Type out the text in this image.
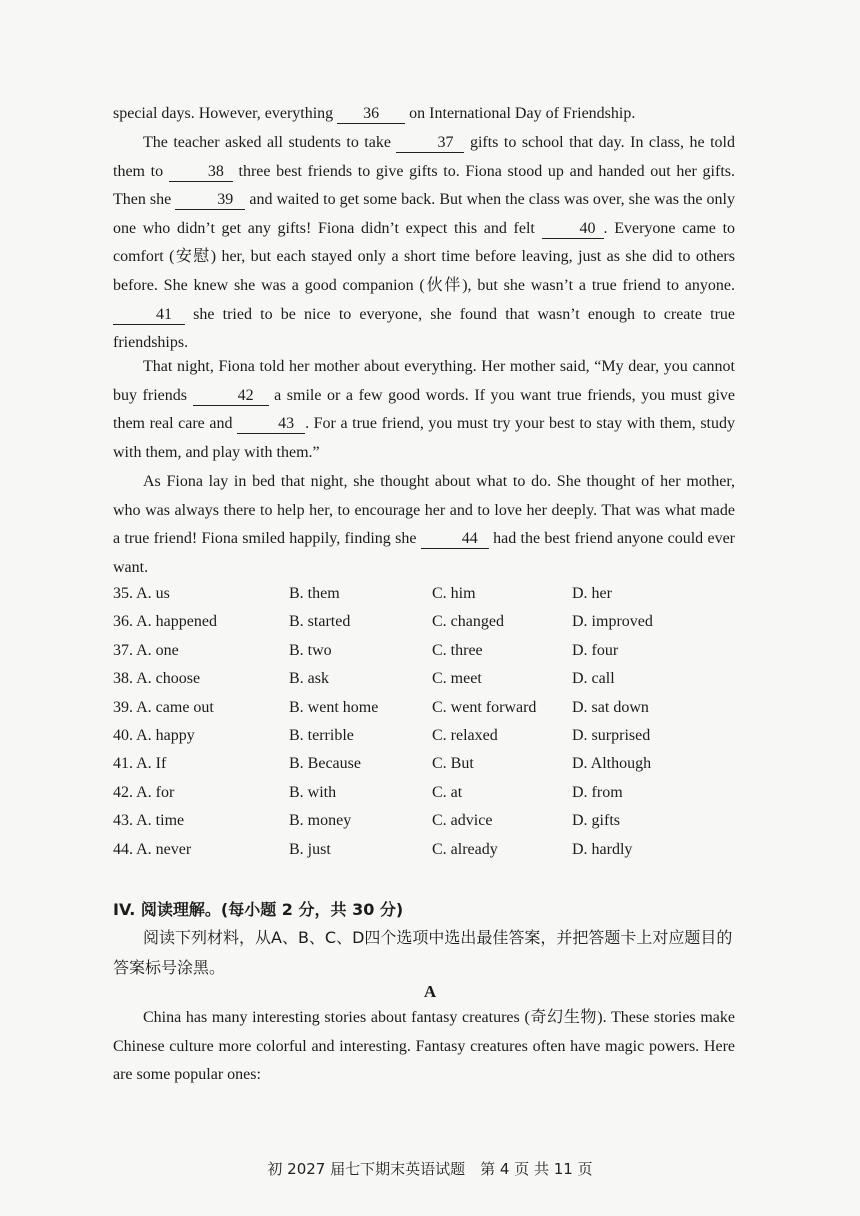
special days. However, everything 36 on International Day of Friendship.
The teacher asked all students to take	37 gifts to school that day. In class, he told them to 38 three best friends to give gifts to. Fiona stood up and handed out her gifts. Then she	39 and waited to get some back. But when the class was over, she was the only one who didn’t get any gifts! Fiona didn’t expect this and felt 40 . Everyone came to comfort (安慰) her, but each stayed only a short time before leaving, just as she did to others before. She knew she was a good companion (伙伴), but she wasn’t a true friend to anyone. 41 she tried to be nice to everyone, she found that wasn’t enough to create true friendships.
That night, Fiona told her mother about everything. Her mother said, “My dear, you cannot buy friends	42 a smile or a few good words. If you want true friends, you must give them real care and	43 . For a true friend, you must try your best to stay with them, study with them, and play with them.”
As Fiona lay in bed that night, she thought about what to do. She thought of her mother, who was always there to help her, to encourage her and to love her deeply. That was what made a true friend! Fiona smiled happily, finding she	44 had the best friend anyone could ever want.
35. A. us	B. them	C. him	D. her
36. A. happened	B. started	C. changed	D. improved
37. A. one	B. two	C. three	D. four
38. A. choose	B. ask	C. meet	D. call
39. A. came out	B. went home	C. went forward D. sat down
40. A. happy	B. terrible	C. relaxed	D. surprised
41. A. If	B. Because	C. But	D. Although
42. A. for	B. with	C. at	D. from
43. A. time	B. money	C. advice	D. gifts
44. A. never	B. just	C. already	D. hardly
IV. 阅读理解。(每小题 2 分，共 30 分)
阅读下列材料，从A、B、C、D四个选项中选出最佳答案，并把答题卡上对应题目的答案标号涂黑。
A
China has many interesting stories about fantasy creatures (奇幻生物). These stories make Chinese culture more colorful and interesting. Fantasy creatures often have magic powers. Here are some popular ones:
初 2027 届七下期末英语试题　第 4 页 共 11 页
